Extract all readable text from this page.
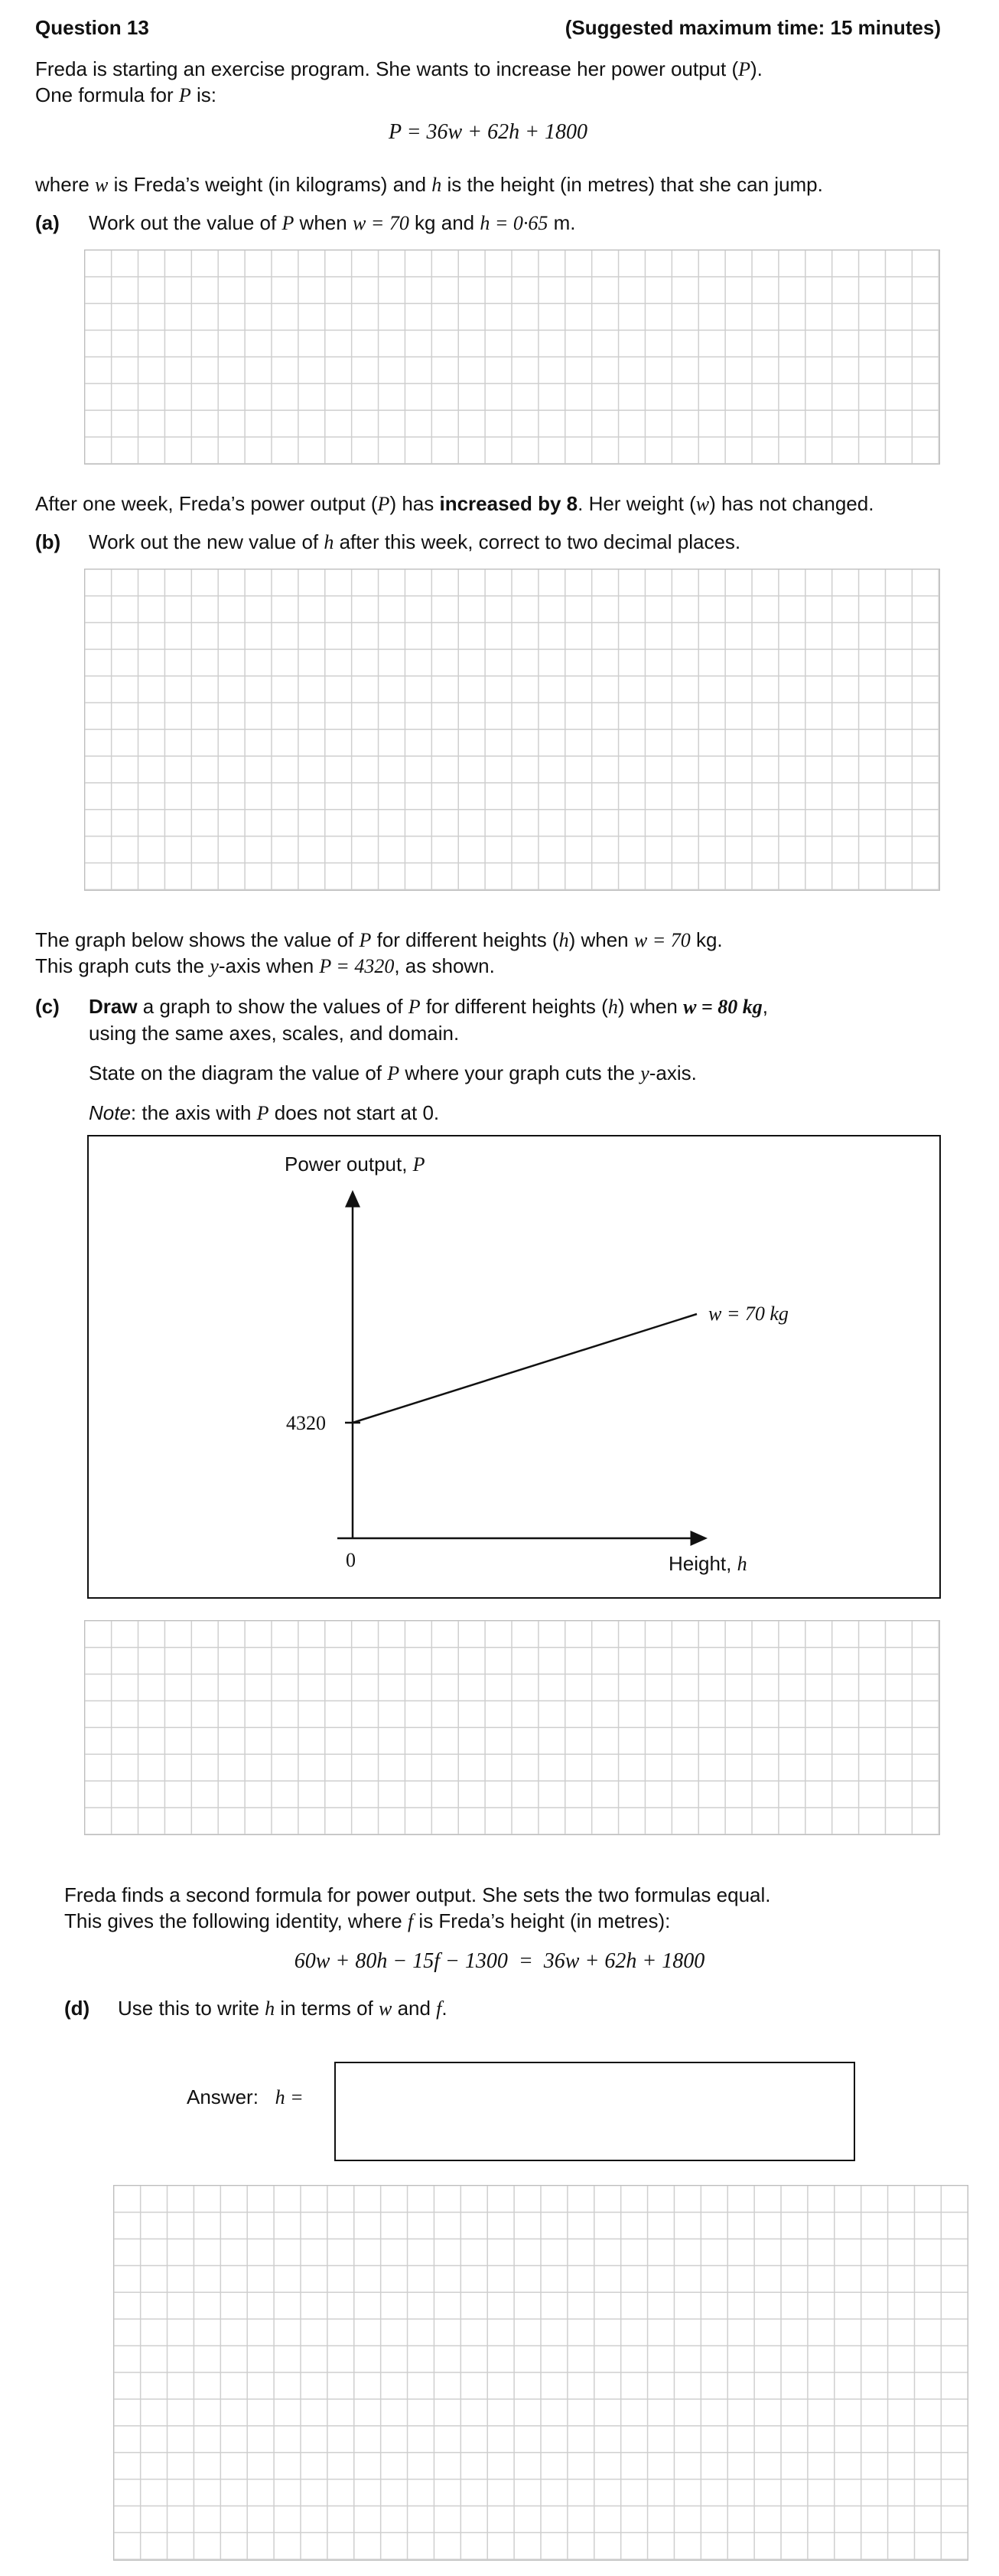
Question 13	(Suggested maximum time: 15 minutes)
Freda is starting an exercise program. She wants to increase her power output (P).
One formula for P is:
P = 36w + 62h + 1800
where w is Freda’s weight (in kilograms) and h is the height (in metres) that she can jump.
(a) Work out the value of P when w = 70 kg and h = 0·65 m.
After one week, Freda’s power output (P) has increased by 8. Her weight (w) has not changed.
(b) Work out the new value of h after this week, correct to two decimal places.
The graph below shows the value of P for different heights (h) when w = 70 kg.
This graph cuts the y-axis when P = 4320, as shown.
(c) Draw a graph to show the values of P for different heights (h) when w = 80 kg,
using the same axes, scales, and domain.
State on the diagram the value of P where your graph cuts the y-axis.
Note: the axis with P does not start at 0.
Power output, P
4320
0	Height, h
w = 70 kg
Freda finds a second formula for power output. She sets the two formulas equal.
This gives the following identity, where f is Freda’s height (in metres):
60w + 80h − 15f − 1300  =  36w + 62h + 1800
(d) Use this to write h in terms of w and f.
Answer: h =
